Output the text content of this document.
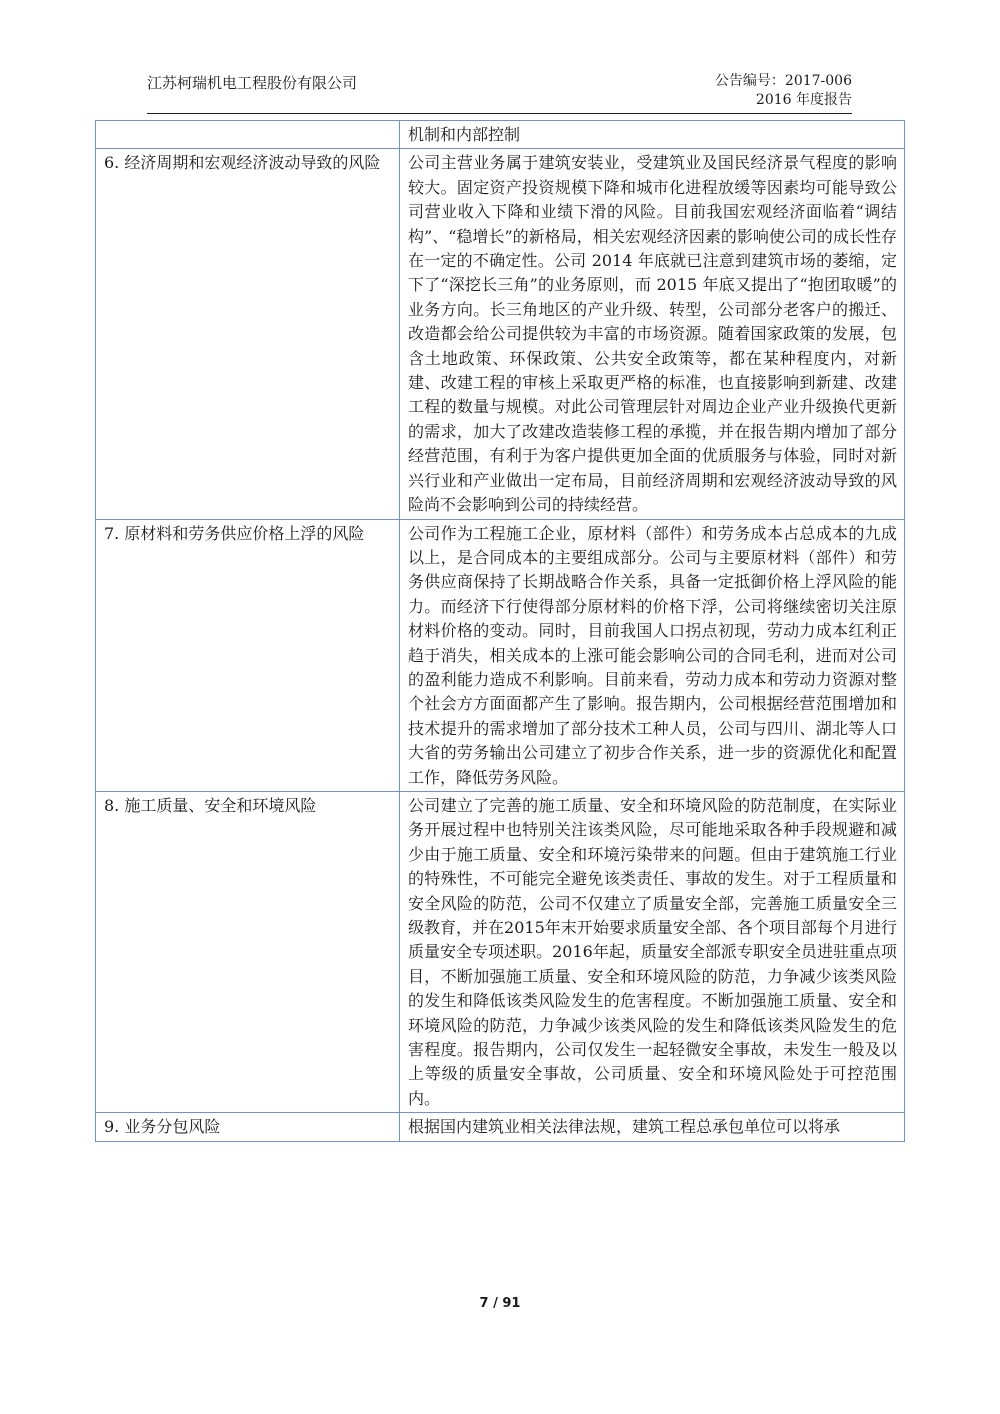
江苏柯瑞机电工程股份有限公司	公告编号：2017-006
2016 年度报告
	机制和内部控制
6. 经济周期和宏观经济波动导致的风险	公司主营业务属于建筑安装业，受建筑业及国民经济景气程度的影响较大。固定资产投资规模下降和城市化进程放缓等因素均可能导致公司营业收入下降和业绩下滑的风险。目前我国宏观经济面临着“调结构”、“稳增长”的新格局，相关宏观经济因素的影响使公司的成长性存在一定的不确定性。公司 2014 年底就已注意到建筑市场的萎缩，定下了“深挖长三角”的业务原则，而 2015 年底又提出了“抱团取暖”的业务方向。长三角地区的产业升级、转型，公司部分老客户的搬迁、改造都会给公司提供较为丰富的市场资源。随着国家政策的发展，包含土地政策、环保政策、公共安全政策等，都在某种程度内，对新建、改建工程的审核上采取更严格的标准，也直接影响到新建、改建工程的数量与规模。对此公司管理层针对周边企业产业升级换代更新的需求，加大了改建改造装修工程的承揽，并在报告期内增加了部分经营范围，有利于为客户提供更加全面的优质服务与体验，同时对新兴行业和产业做出一定布局，目前经济周期和宏观经济波动导致的风险尚不会影响到公司的持续经营。
7. 原材料和劳务供应价格上浮的风险	公司作为工程施工企业，原材料（部件）和劳务成本占总成本的九成以上，是合同成本的主要组成部分。公司与主要原材料（部件）和劳务供应商保持了长期战略合作关系，具备一定抵御价格上浮风险的能力。而经济下行使得部分原材料的价格下浮，公司将继续密切关注原材料价格的变动。同时，目前我国人口拐点初现，劳动力成本红利正趋于消失，相关成本的上涨可能会影响公司的合同毛利，进而对公司的盈利能力造成不利影响。目前来看，劳动力成本和劳动力资源对整个社会方方面面都产生了影响。报告期内，公司根据经营范围增加和技术提升的需求增加了部分技术工种人员，公司与四川、湖北等人口大省的劳务输出公司建立了初步合作关系，进一步的资源优化和配置工作，降低劳务风险。
8. 施工质量、安全和环境风险	公司建立了完善的施工质量、安全和环境风险的防范制度，在实际业务开展过程中也特别关注该类风险，尽可能地采取各种手段规避和减少由于施工质量、安全和环境污染带来的问题。但由于建筑施工行业的特殊性，不可能完全避免该类责任、事故的发生。对于工程质量和安全风险的防范，公司不仅建立了质量安全部，完善施工质量安全三级教育，并在2015年末开始要求质量安全部、各个项目部每个月进行质量安全专项述职。2016年起，质量安全部派专职安全员进驻重点项目，不断加强施工质量、安全和环境风险的防范，力争减少该类风险的发生和降低该类风险发生的危害程度。不断加强施工质量、安全和环境风险的防范，力争减少该类风险的发生和降低该类风险发生的危害程度。报告期内，公司仅发生一起轻微安全事故，未发生一般及以上等级的质量安全事故，公司质量、安全和环境风险处于可控范围内。
9. 业务分包风险	根据国内建筑业相关法律法规，建筑工程总承包单位可以将承
7 / 91
